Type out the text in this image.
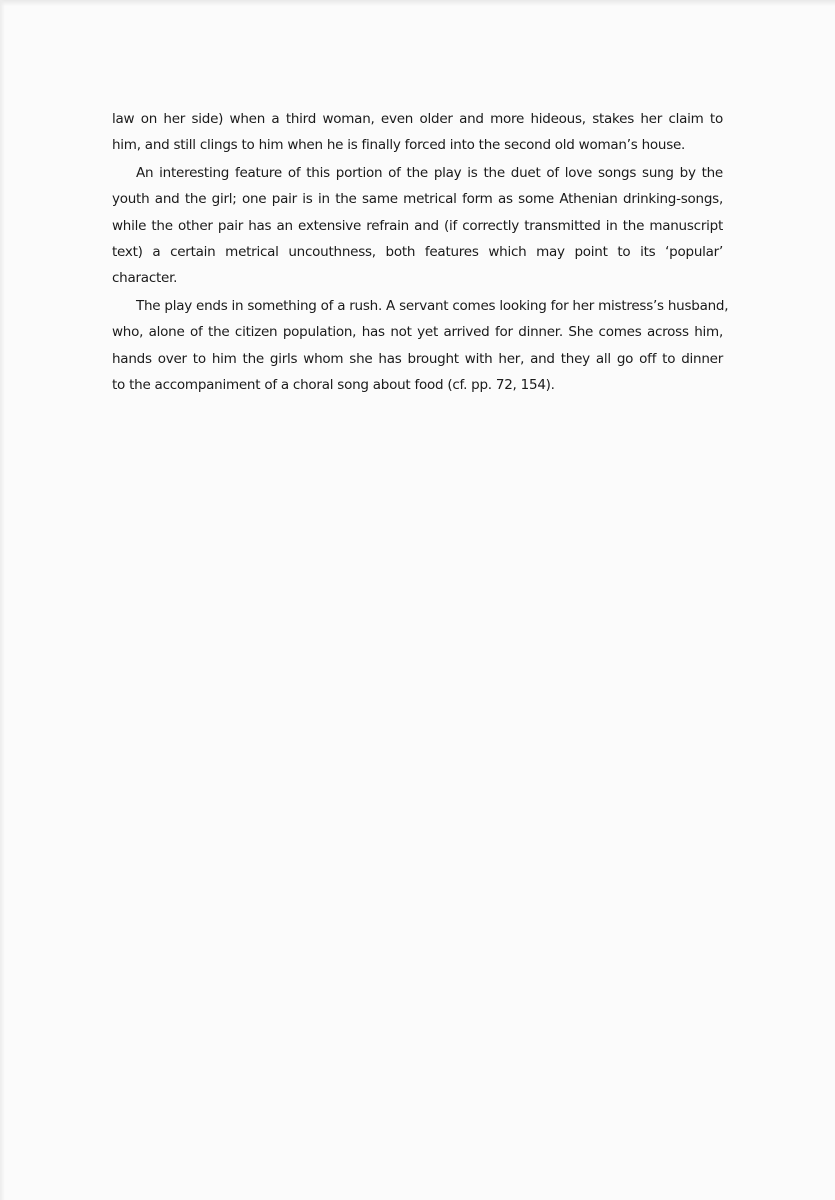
law on her side) when a third woman, even older and more hideous, stakes her claim to
him, and still clings to him when he is finally forced into the second old woman’s house.
An interesting feature of this portion of the play is the duet of love songs sung by the
youth and the girl; one pair is in the same metrical form as some Athenian drinking-songs,
while the other pair has an extensive refrain and (if correctly transmitted in the manuscript
text) a certain metrical uncouthness, both features which may point to its ‘popular’
character.
The play ends in something of a rush. A servant comes looking for her mistress’s husband,
who, alone of the citizen population, has not yet arrived for dinner. She comes across him,
hands over to him the girls whom she has brought with her, and they all go off to dinner
to the accompaniment of a choral song about food (cf. pp. 72, 154).
